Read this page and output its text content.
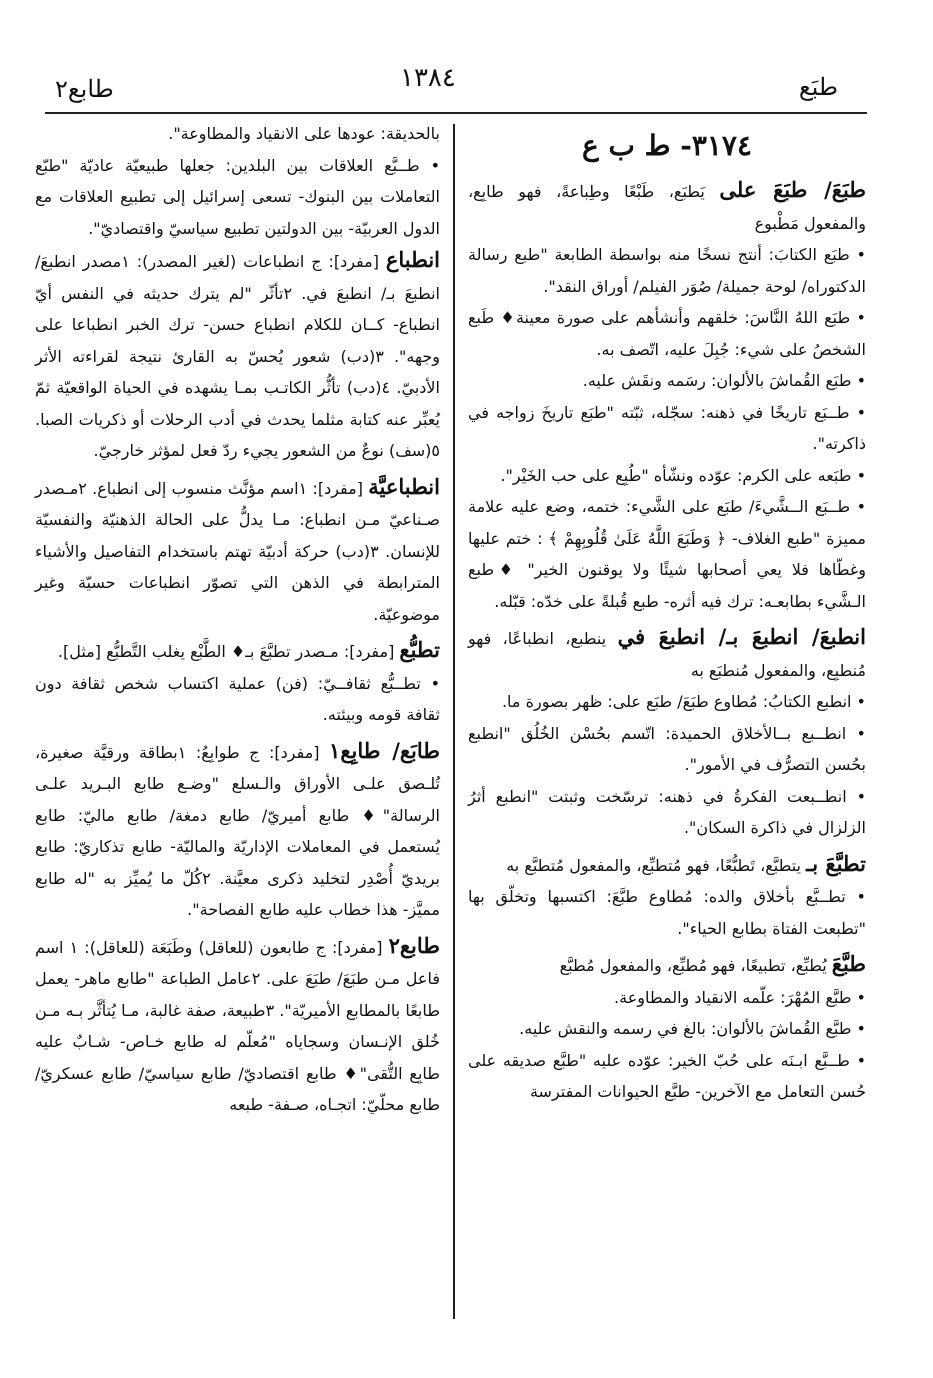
طبَع
١٣٨٤
طابع٢
٣١٧٤- ط ب ع
طبَعَ/ طبَعَ على يَطبَع، طَبْعًا وطِباعةً، فهو طابِع، والمفعول مَطْبوع

• طبَع الكتابَ: أنتج نسخًا منه بواسطة الطابعة "طبع رسالة الدكتوراه/ لوحة جميلة/ صُوَر الفيلم/ أوراق النقد".

• طبَع اللهُ النَّاسَ: خلقهم وأنشأهم على صورة معينة♦ طَبع الشخصُ على شيء: جُبِلَ عليه، اتّصف به.

• طبَع القُماشَ بالألوان: رسَمه ونقَش عليه.

• طــبَع تاريخًا في ذهنه: سجّله، ثبّته "طبَع تاريخَ زواجه في ذاكرته".

• طبَعه على الكرم: عوّده ونشّأه "طُبِع على حب الخَيْر".

• طــبَع الــشَّيءَ/ طبَع على الشَّيء: ختمه، وضع عليه علامة مميزة "طبع الغلاف- ﴿ وَطَبَعَ اللَّهُ عَلَىٰ قُلُوبِهِمْ ﴾ : ختم عليها وغطّاها فلا يعي أصحابها شيئًا ولا يوقنون الخير" ♦طبع الـشَّيء بطابعـه: ترك فيه أثره- طبع قُبلةً على خدّه: قبّله.

انطبعَ/ انطبعَ بـ/ انطبعَ في ينطبع، انطباعًا، فهو مُنطبِع، والمفعول مُنطبَع به

• انطبع الكتابُ: مُطاوع طبَعَ/ طبَع على: ظهر بصورة ما.

• انطــبع بــالأخلاق الحميدة: اتّسم بحُسْن الخُلُق "انطبع بحُسن التصرُّف في الأمور".

• انطــبعت الفكرةُ في ذهنه: ترسّخت وثبتت "انطبع أثرُ الزلزال في ذاكرة السكان".

تطبَّعَ بـ يتطبَّع، تَطبُّعًا، فهو مُتطبِّع، والمفعول مُتطبَّع به

• تطــبَّع بأخلاق والده: مُطاوع طبَّعَ: اكتسبها وتخلّق بها "تطبعت الفتاة بطابع الحياء".

طبَّعَ يُطبِّع، تطبيعًا، فهو مُطبِّع، والمفعول مُطبَّع

• طبَّع المُهْرَ: علّمه الانقياد والمطاوعة.

• طبَّع القُماشَ بالألوان: بالغ في رسمه والنقش عليه.

• طــبَّع ابـنَه على حُبّ الخير: عوّده عليه "طبَّع صديقه على حُسن التعامل مع الآخرين- طبَّع الحيوانات المفترسة

بالحديقة: عودها على الانقياد والمطاوعة".

• طــبَّع العلاقات بين البلدين: جعلها طبيعيّة عاديّة "طبّع التعاملات بين البنوك- تسعى إسرائيل إلى تطبيع العلاقات مع الدول العربيّة- بين الدولتين تطبيع سياسيّ واقتصاديّ".

انطباع [مفرد]: ج انطباعات (لغير المصدر): ١مصدر انطبعَ/ انطبعَ بـ/ انطبعَ في. ٢تأثّر "لم يترك حديثه في النفس أيّ انطباع- كــان للكلام انطباع حسن- ترك الخبر انطباعا على وجهه". ٣(دب) شعور يُحسّ به القارئ نتيجة لقراءته الأثر الأدبيّ. ٤(دب) تأثُّر الكاتـب بمـا يشهده في الحياة الواقعيّة ثمّ يُعبِّر عنه كتابة مثلما يحدث في أدب الرحلات أو ذكريات الصبا. ٥(سف) نوعٌ من الشعور يجيء ردّ فعل لمؤثر خارجيّ.
انطباعيَّة [مفرد]: ١اسم مؤنَّث منسوب إلى انطباع. ٢مـصدر صـناعيّ مـن انطباع: مـا يدلُّ على الحالة الذهنيّة والنفسيّة للإنسان. ٣(دب) حركة أدبيّة تهتم باستخدام التفاصيل والأشياء المترابطة في الذهن التي تصوّر انطباعات حسيّة وغير موضوعيّة.
تطبُّع [مفرد]: مـصدر تطبَّعَ بـ♦ الطَّبْع يغلب التَّطبُّع [مثل].

• تطــبُّع ثقافــيّ: (فن) عملية اكتساب شخص ثقافة دون ثقافة قومه وبيئته.

طابَع/ طابِع١ [مفرد]: ج طوابِعُ: ١بطاقة ورقيَّة صغيرة، تُلـصق علـى الأوراق والـسلع "وضـع طابع البـريد علـى الرسالة"♦ طابع أميريّ/ طابع دمغة/ طابع ماليّ: طابع يُستعمل في المعاملات الإداريّة والماليّة- طابع تذكاريّ: طابع بريديّ أُصْدِر لتخليد ذكرى معيَّنة. ٢كُلّ ما يُميِّز به "له طابع مميَّز- هذا خطاب عليه طابع الفصاحة".
طابع٢ [مفرد]: ج طابعون (للعاقل) وطَبَعَة (للعاقل): ١ اسم فاعل مـن طبَعَ/ طبَعَ على. ٢عامل الطباعة "طابع ماهر- يعمل طابعًا بالمطابع الأميريّة". ٣طبيعة، صفة غالبة، مـا يُتأثَّر بـه مـن خُلق الإنـسان وسجاياه "مُعلّم له طابع خـاص- شـابٌ عليه طابِع التُّقى"♦ طابع اقتصاديّ/ طابع سياسيّ/ طابع عسكريّ/ طابع محلّيّ: اتجـاه، صـفة- طبعه
